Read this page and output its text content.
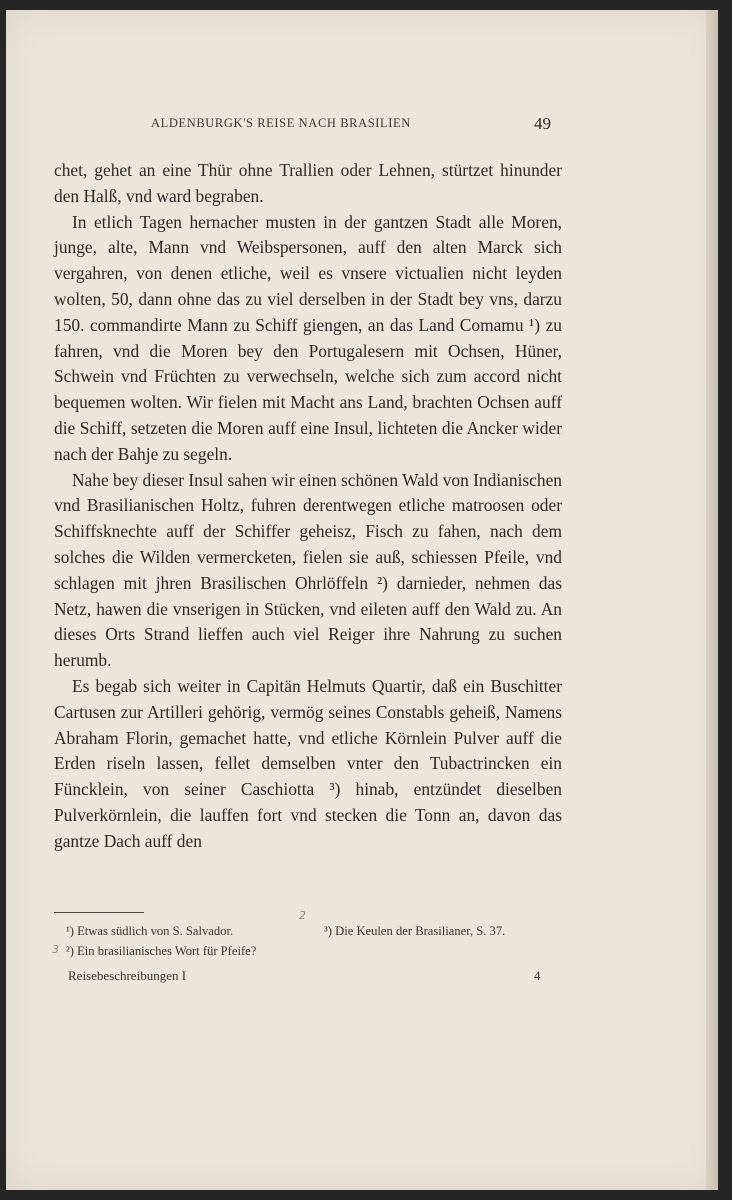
ALDENBURGK'S REISE NACH BRASILIEN	49

chet, gehet an eine Thür ohne Trallien oder Lehnen, stürtzet hinunder den Halß, vnd ward begraben.

In etlich Tagen hernacher musten in der gantzen Stadt alle Moren, junge, alte, Mann vnd Weibspersonen, auff den alten Marck sich vergahren, von denen etliche, weil es vnsere victualien nicht leyden wolten, 50, dann ohne das zu viel derselben in der Stadt bey vns, darzu 150. commandirte Mann zu Schiff giengen, an das Land Comamu ¹) zu fahren, vnd die Moren bey den Portugalesern mit Ochsen, Hüner, Schwein vnd Früchten zu verwechseln, welche sich zum accord nicht bequemen wolten. Wir fielen mit Macht ans Land, brachten Ochsen auff die Schiff, setzeten die Moren auff eine Insul, lichteten die Ancker wider nach der Bahje zu segeln.

Nahe bey dieser Insul sahen wir einen schönen Wald von Indianischen vnd Brasilianischen Holtz, fuhren derentwegen etliche matroosen oder Schiffsknechte auff der Schiffer geheisz, Fisch zu fahen, nach dem solches die Wilden vermercketen, fielen sie auß, schiessen Pfeile, vnd schlagen mit jhren Brasilischen Ohrlöffeln ²) darnieder, nehmen das Netz, hawen die vnserigen in Stücken, vnd eileten auff den Wald zu. An dieses Orts Strand lieffen auch viel Reiger ihre Nahrung zu suchen herumb.

Es begab sich weiter in Capitän Helmuts Quartir, daß ein Buschitter Cartusen zur Artilleri gehörig, vermög seines Constabls geheiß, Namens Abraham Florin, gemachet hatte, vnd etliche Körnlein Pulver auff die Erden riseln lassen, fellet demselben vnter den Tubactrincken ein Füncklein, von seiner Caschiotta ³) hinab, entzündet dieselben Pulverkörnlein, die lauffen fort vnd stecken die Tonn an, davon das gantze Dach auff den

¹) Etwas südlich von S. Salvador.	³) Die Keulen der Brasilianer, S. 37.
²) Ein brasilianisches Wort für Pfeife?
2
3
Reisebeschreibungen I	4
